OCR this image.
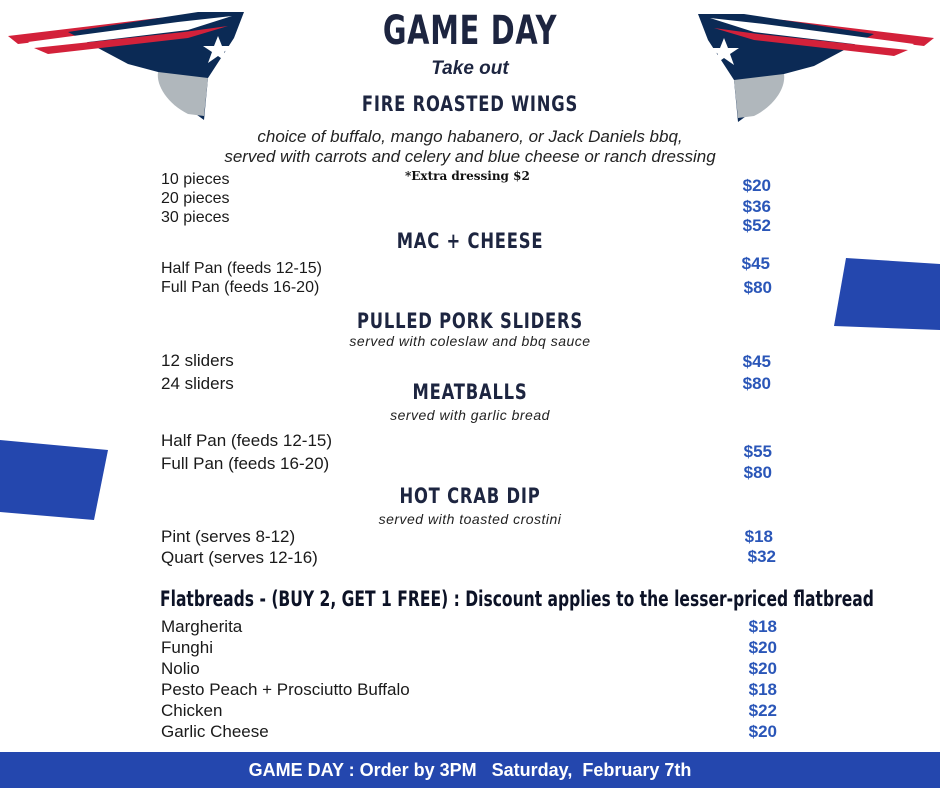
GAME DAY
Take out
FIRE ROASTED WINGS
choice of buffalo, mango habanero, or Jack Daniels bbq,
served with carrots and celery and blue cheese or ranch dressing
*Extra dressing $2
10 pieces
20 pieces
30 pieces
$20
$36
$52
MAC + CHEESE
Half Pan (feeds 12-15)
Full Pan (feeds 16-20)
$45
$80
PULLED PORK SLIDERS
served with coleslaw and bbq sauce
12 sliders
24 sliders
$45
$80
MEATBALLS
served with garlic bread
Half Pan (feeds 12-15)
Full Pan (feeds 16-20)
$55
$80
HOT CRAB DIP
served with toasted crostini
Pint (serves 8-12)
Quart (serves 12-16)
$18
$32
Flatbreads - (BUY 2, GET 1 FREE) : Discount applies to the lesser-priced flatbread
Margherita
Funghi
Nolio
Pesto Peach + Prosciutto Buffalo
Chicken
Garlic Cheese
$18
$20
$20
$18
$22
$20
GAME DAY : Order by 3PM   Saturday,  February 7th
